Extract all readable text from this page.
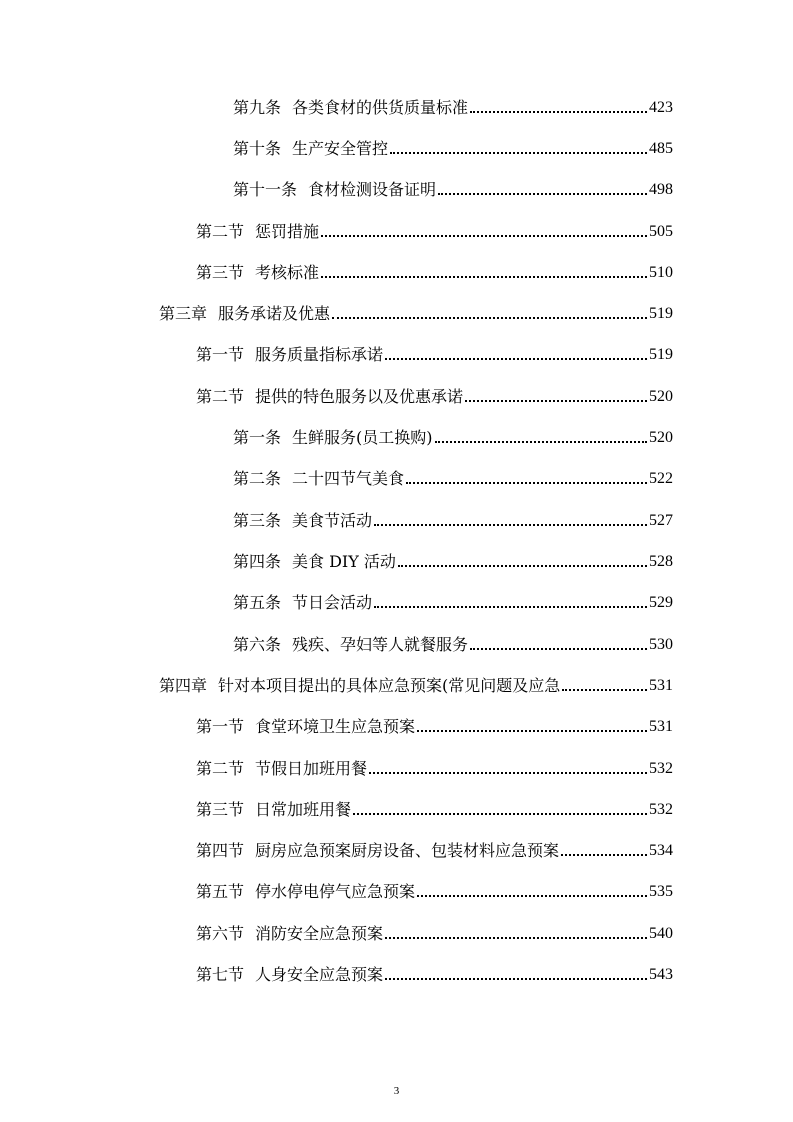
第九条 各类食材的供货质量标准	423
第十条 生产安全管控	485
第十一条 食材检测设备证明	498
第二节 惩罚措施	505
第三节 考核标准	510
第三章 服务承诺及优惠	519
第一节 服务质量指标承诺	519
第二节 提供的特色服务以及优惠承诺	520
第一条 生鲜服务(员工换购)	520
第二条 二十四节气美食	522
第三条 美食节活动	527
第四条 美食 DIY 活动	528
第五条 节日会活动	529
第六条 残疾、孕妇等人就餐服务	530
第四章 针对本项目提出的具体应急预案(常见问题及应急	531
第一节 食堂环境卫生应急预案	531
第二节 节假日加班用餐	532
第三节 日常加班用餐	532
第四节 厨房应急预案厨房设备、包装材料应急预案	534
第五节 停水停电停气应急预案	535
第六节 消防安全应急预案	540
第七节 人身安全应急预案	543
3
